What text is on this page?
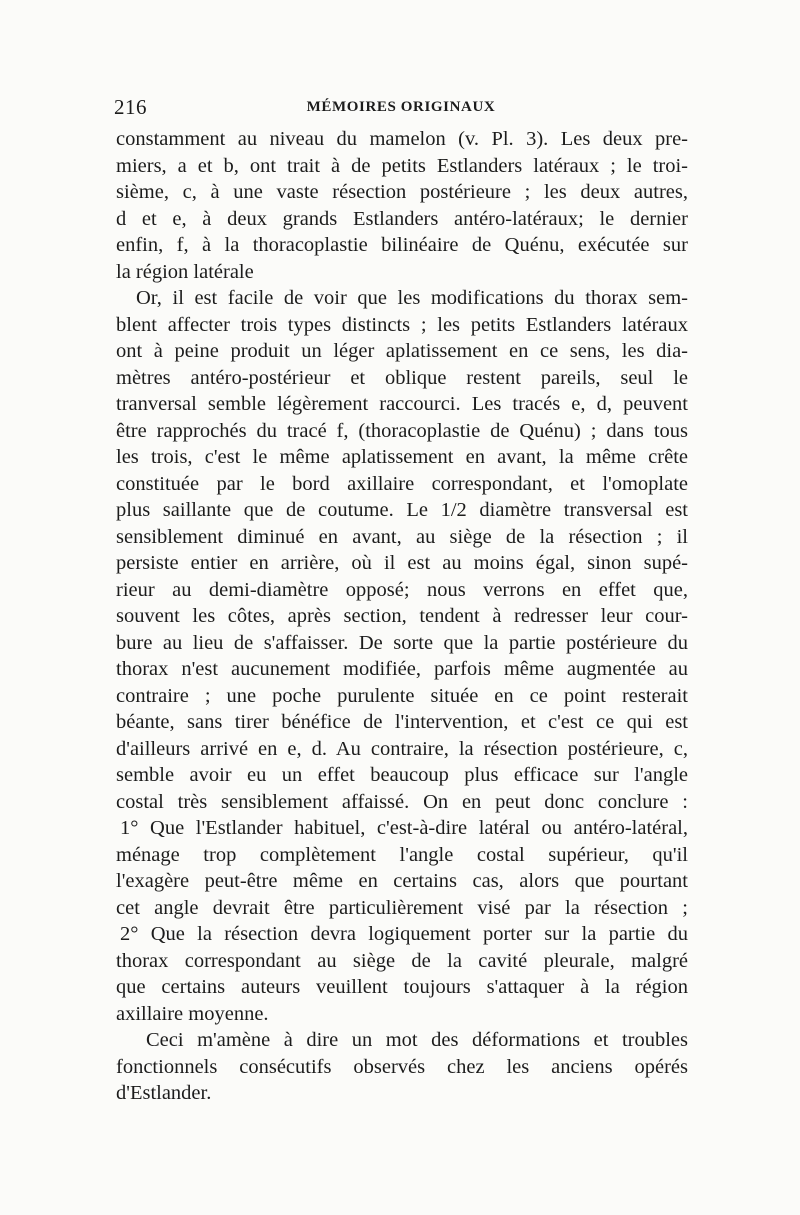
216	MÉMOIRES ORIGINAUX
constamment au niveau du mamelon (v. Pl. 3). Les deux pre-
miers, a et b, ont trait à de petits Estlanders latéraux ; le troi-
sième, c, à une vaste résection postérieure ; les deux autres,
d et e, à deux grands Estlanders antéro-latéraux; le dernier
enfin, f, à la thoracoplastie bilinéaire de Quénu, exécutée sur
la région latérale
Or, il est facile de voir que les modifications du thorax sem-
blent affecter trois types distincts ; les petits Estlanders latéraux
ont à peine produit un léger aplatissement en ce sens, les dia-
mètres antéro-postérieur et oblique restent pareils, seul le
tranversal semble légèrement raccourci. Les tracés e, d, peuvent
être rapprochés du tracé f, (thoracoplastie de Quénu) ; dans tous
les trois, c'est le même aplatissement en avant, la même crête
constituée par le bord axillaire correspondant, et l'omoplate
plus saillante que de coutume. Le 1/2 diamètre transversal est
sensiblement diminué en avant, au siège de la résection ; il
persiste entier en arrière, où il est au moins égal, sinon supé-
rieur au demi-diamètre opposé; nous verrons en effet que,
souvent les côtes, après section, tendent à redresser leur cour-
bure au lieu de s'affaisser. De sorte que la partie postérieure du
thorax n'est aucunement modifiée, parfois même augmentée au
contraire ; une poche purulente située en ce point resterait
béante, sans tirer bénéfice de l'intervention, et c'est ce qui est
d'ailleurs arrivé en e, d. Au contraire, la résection postérieure, c,
semble avoir eu un effet beaucoup plus efficace sur l'angle
costal très sensiblement affaissé. On en peut donc conclure :
1° Que l'Estlander habituel, c'est-à-dire latéral ou antéro-latéral,
ménage trop complètement l'angle costal supérieur, qu'il
l'exagère peut-être même en certains cas, alors que pourtant
cet angle devrait être particulièrement visé par la résection ;
2° Que la résection devra logiquement porter sur la partie du
thorax correspondant au siège de la cavité pleurale, malgré
que certains auteurs veuillent toujours s'attaquer à la région
axillaire moyenne.
Ceci m'amène à dire un mot des déformations et troubles
fonctionnels consécutifs observés chez les anciens opérés
d'Estlander.
